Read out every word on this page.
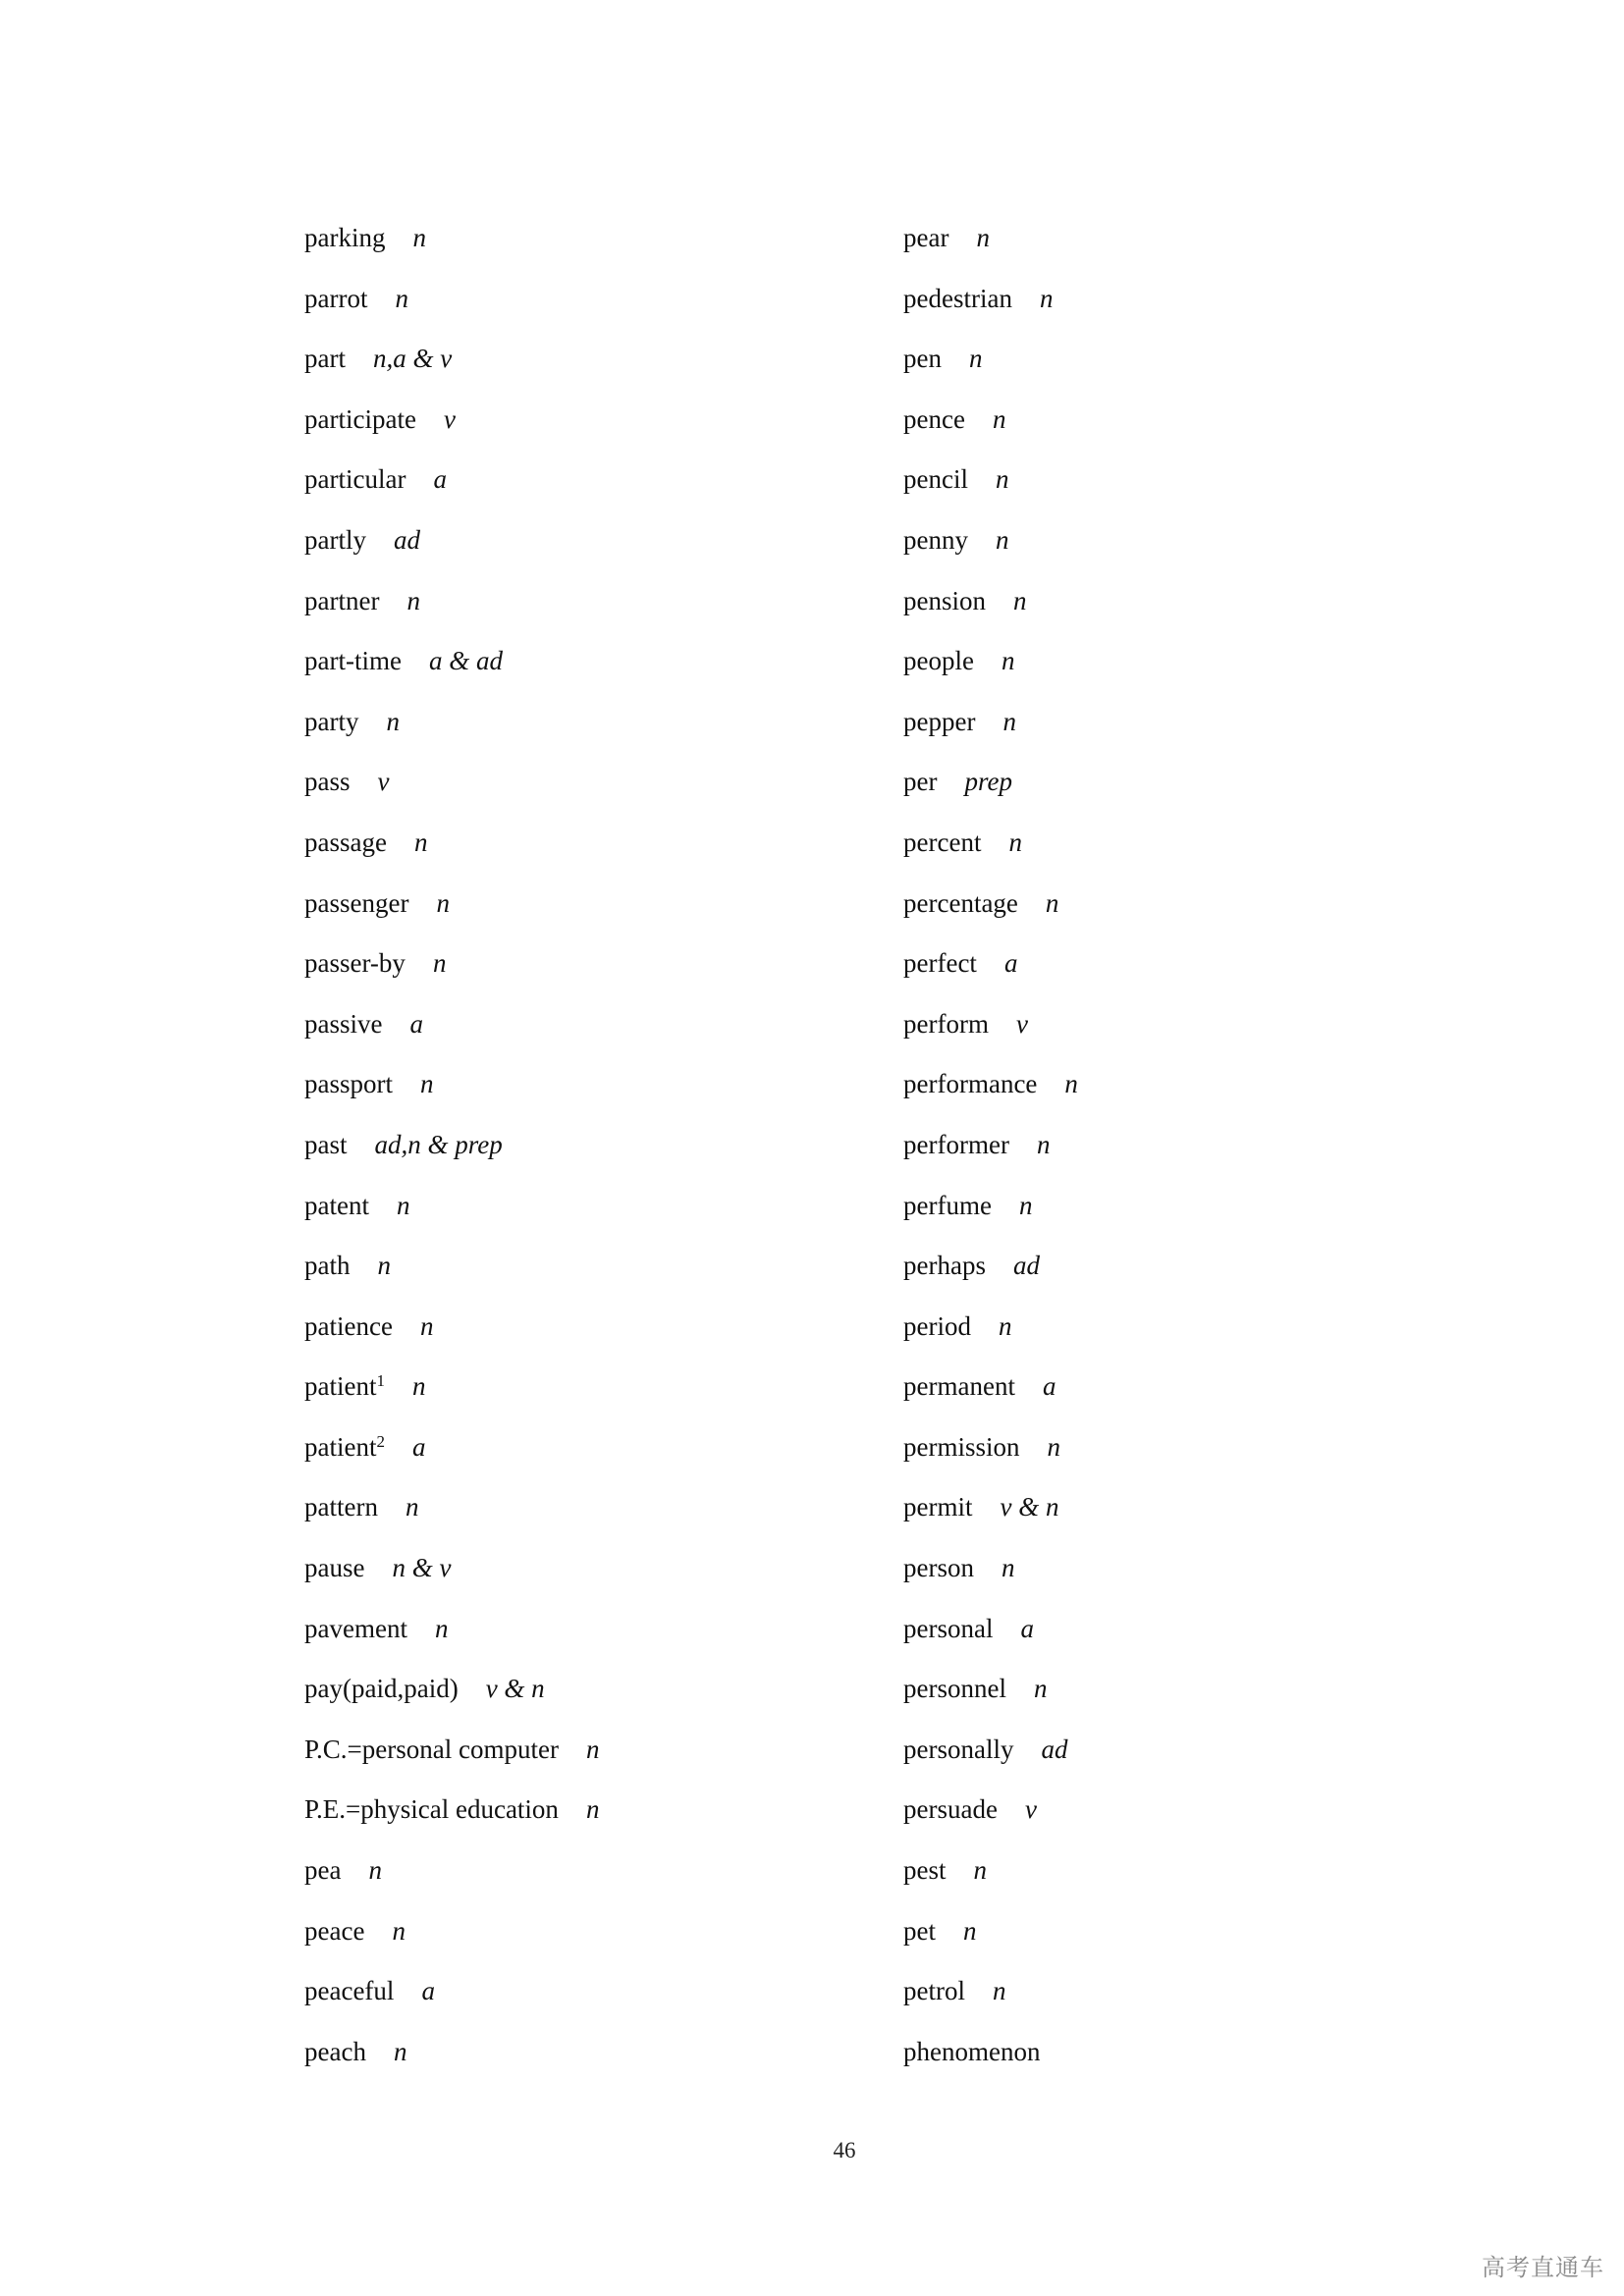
parking n
parrot n
part n,a & v
participate v
particular a
partly ad
partner n
part-time a & ad
party n
pass v
passage n
passenger n
passer-by n
passive a
passport n
past ad,n & prep
patent n
path n
patience n
patient$^1$ n
patient$^2$ a
pattern n
pause n & v
pavement n
pay(paid,paid) v & n
P.C.=personal computer n
P.E.=physical education n
pea n
peace n
peaceful a
peach n
pear n
pedestrian n
pen n
pence n
pencil n
penny n
pension n
people n
pepper n
per prep
percent n
percentage n
perfect a
perform v
performance n
performer n
perfume n
perhaps ad
period n
permanent a
permission n
permit v & n
person n
personal a
personnel n
personally ad
persuade v
pest n
pet n
petrol n
phenomenon
46
高考直通车
